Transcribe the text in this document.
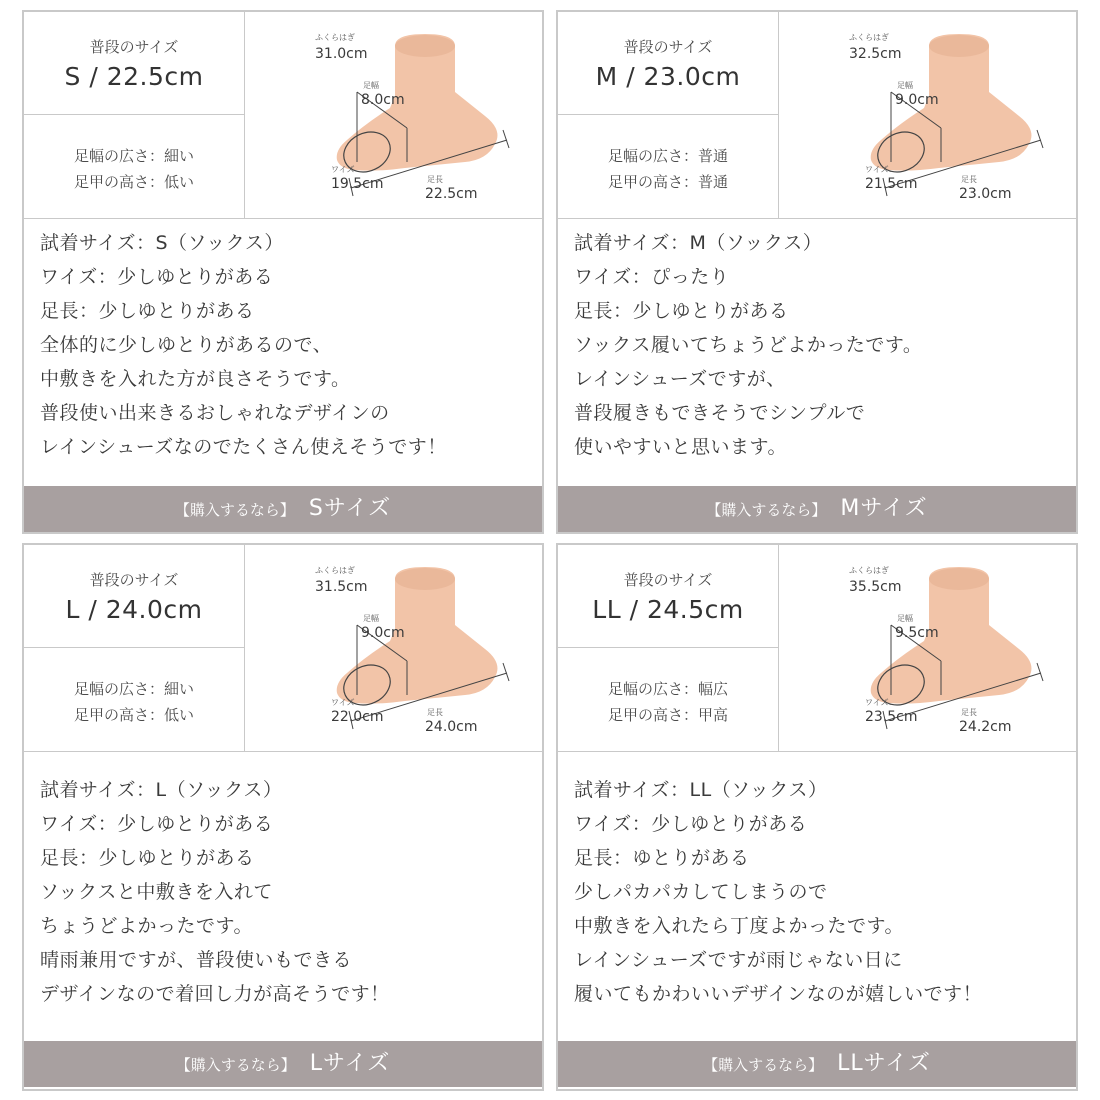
普段のサイズ
S / 22.5cm
足幅の広さ：細い
足甲の高さ：低い
ふくらはぎ
31.0cm
足幅
8.0cm
ワイズ
19.5cm	足長
22.5cm
試着サイズ：S（ソックス）
ワイズ：少しゆとりがある
足長：少しゆとりがある
全体的に少しゆとりがあるので、
中敷きを入れた方が良さそうです。
普段使い出来きるおしゃれなデザインの
レインシューズなのでたくさん使えそうです！
【購入するなら】 Sサイズ
普段のサイズ
M / 23.0cm
足幅の広さ：普通
足甲の高さ：普通
ふくらはぎ
32.5cm
足幅
9.0cm
ワイズ
21.5cm	足長
23.0cm
試着サイズ：M（ソックス）
ワイズ：ぴったり
足長：少しゆとりがある
ソックス履いてちょうどよかったです。
レインシューズですが、
普段履きもできそうでシンプルで
使いやすいと思います。
【購入するなら】 Mサイズ
普段のサイズ
L / 24.0cm
足幅の広さ：細い
足甲の高さ：低い
ふくらはぎ
31.5cm
足幅
9.0cm
ワイズ
22.0cm	足長
24.0cm
試着サイズ：L（ソックス）
ワイズ：少しゆとりがある
足長：少しゆとりがある
ソックスと中敷きを入れて
ちょうどよかったです。
晴雨兼用ですが、普段使いもできる
デザインなので着回し力が高そうです！
【購入するなら】 Lサイズ
普段のサイズ
LL / 24.5cm
足幅の広さ：幅広
足甲の高さ：甲高
ふくらはぎ
35.5cm
足幅
9.5cm
ワイズ
23.5cm	足長
24.2cm
試着サイズ：LL（ソックス）
ワイズ：少しゆとりがある
足長：ゆとりがある
少しパカパカしてしまうので
中敷きを入れたら丁度よかったです。
レインシューズですが雨じゃない日に
履いてもかわいいデザインなのが嬉しいです！
【購入するなら】 LLサイズ
